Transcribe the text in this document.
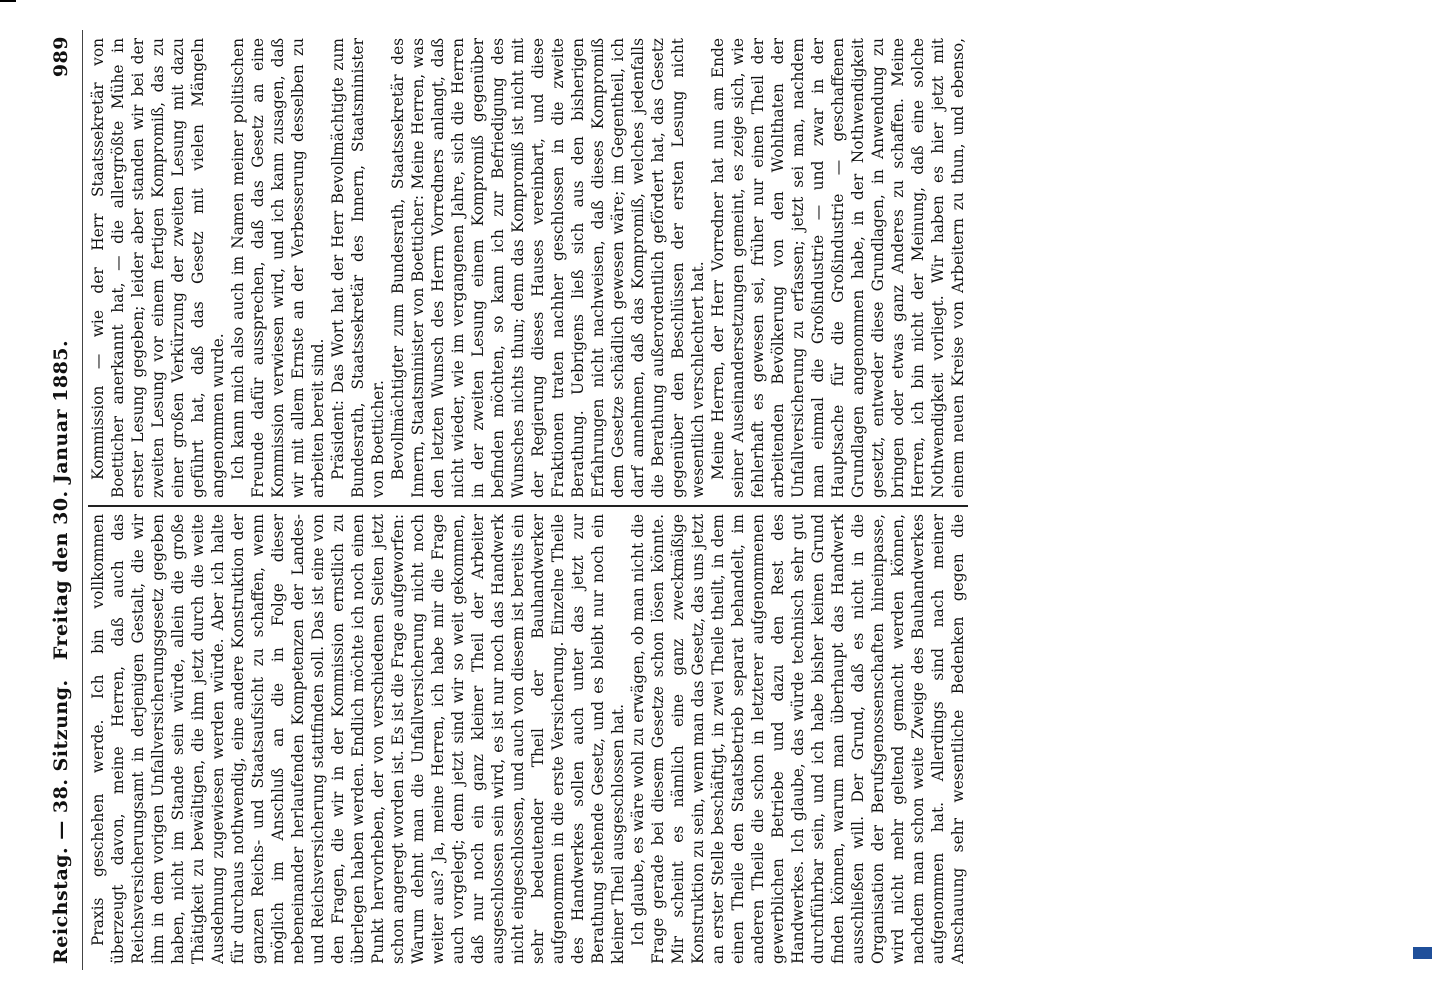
Reichstag. — 38. Sitzung.
Freitag den 30. Januar 1885.
989

Praxis geschehen werde. Ich bin vollkommen überzeugt davon, meine Herren, daß auch das Reichsversicherungsamt in derjenigen Gestalt, die wir ihm in dem vorigen Unfallversicherungsgesetz gegeben haben, nicht im Stande sein würde, allein die große Thätigkeit zu bewältigen, die ihm jetzt durch die weite Ausdehnung zugewiesen werden würde. Aber ich halte für durchaus nothwendig, eine andere Konstruktion der ganzen Reichs- und Staatsaufsicht zu schaffen, wenn möglich im Anschluß an die in Folge dieser nebeneinander herlaufenden Kompetenzen der Landes- und Reichsversicherung stattfinden soll. Das ist eine von den Fragen, die wir in der Kommission ernstlich zu überlegen haben werden. Endlich möchte ich noch einen Punkt hervorheben, der von verschiedenen Seiten jetzt schon angeregt worden ist. Es ist die Frage aufgeworfen: Warum dehnt man die Unfallversicherung nicht noch weiter aus? Ja, meine Herren, ich habe mir die Frage auch vorgelegt; denn jetzt sind wir so weit gekommen, daß nur noch ein ganz kleiner Theil der Arbeiter ausgeschlossen sein wird, es ist nur noch das Handwerk nicht eingeschlossen, und auch von diesem ist bereits ein sehr bedeutender Theil der Bauhandwerker aufgenommen in die erste Versicherung. Einzelne Theile des Handwerkes sollen auch unter das jetzt zur Berathung stehende Gesetz, und es bleibt nur noch ein kleiner Theil ausgeschlossen hat. Ich glaube, es wäre wohl zu erwägen, ob man nicht die Frage gerade bei diesem Gesetze schon lösen könnte. Mir scheint es nämlich eine ganz zweckmäßige Konstruktion zu sein, wenn man das Gesetz, das uns jetzt an erster Stelle beschäftigt, in zwei Theile theilt, in dem einen Theile den Staatsbetrieb separat behandelt, im anderen Theile die schon in letzterer aufgenommenen gewerblichen Betriebe und dazu den Rest des Handwerkes. Ich glaube, das würde technisch sehr gut durchführbar sein, und ich habe bisher keinen Grund finden können, warum man überhaupt das Handwerk ausschließen will. Der Grund, daß es nicht in die Organisation der Berufsgenossenschaften hineinpasse, wird nicht mehr geltend gemacht werden können, nachdem man schon weite Zweige des Bauhandwerkes aufgenommen hat. Allerdings sind nach meiner Anschauung sehr wesentliche Bedenken gegen die

Kommission — wie der Herr Staatssekretär von Boetticher anerkannt hat, — die allergrößte Mühe in erster Lesung gegeben; leider aber standen wir bei der zweiten Lesung vor einem fertigen Kompromiß, das zu einer großen Verkürzung der zweiten Lesung mit dazu geführt hat, daß das Gesetz mit vielen Mängeln angenommen wurde. Ich kann mich also auch im Namen meiner politischen Freunde dafür aussprechen, daß das Gesetz an eine Kommission verwiesen wird, und ich kann zusagen, daß wir mit allem Ernste an der Verbesserung desselben zu arbeiten bereit sind. Präsident: Das Wort hat der Herr Bevollmächtigte zum Bundesrath, Staatssekretär des Innern, Staatsminister von Boetticher. Bevollmächtigter zum Bundesrath, Staatssekretär des Innern, Staatsminister von Boetticher: Meine Herren, was den letzten Wunsch des Herrn Vorredners anlangt, daß nicht wieder, wie im vergangenen Jahre, sich die Herren in der zweiten Lesung einem Kompromiß gegenüber befinden möchten, so kann ich zur Befriedigung des Wunsches nichts thun; denn das Kompromiß ist nicht mit der Regierung dieses Hauses vereinbart, und diese Fraktionen traten nachher geschlossen in die zweite Berathung. Uebrigens ließ sich aus den bisherigen Erfahrungen nicht nachweisen, daß dieses Kompromiß dem Gesetze schädlich gewesen wäre; im Gegentheil, ich darf annehmen, daß das Kompromiß, welches jedenfalls die Berathung außerordentlich gefördert hat, das Gesetz gegenüber den Beschlüssen der ersten Lesung nicht wesentlich verschlechtert hat. Meine Herren, der Herr Vorredner hat nun am Ende seiner Auseinandersetzungen gemeint, es zeige sich, wie fehlerhaft es gewesen sei, früher nur einen Theil der arbeitenden Bevölkerung von den Wohlthaten der Unfallversicherung zu erfassen; jetzt sei man, nachdem man einmal die Großindustrie — und zwar in der Hauptsache für die Großindustrie — geschaffenen Grundlagen angenommen habe, in der Nothwendigkeit gesetzt, entweder diese Grundlagen, in Anwendung zu bringen oder etwas ganz Anderes zu schaffen. Meine Herren, ich bin nicht der Meinung, daß eine solche Nothwendigkeit vorliegt. Wir haben es hier jetzt mit einem neuen Kreise von Arbeitern zu thun, und ebenso,
